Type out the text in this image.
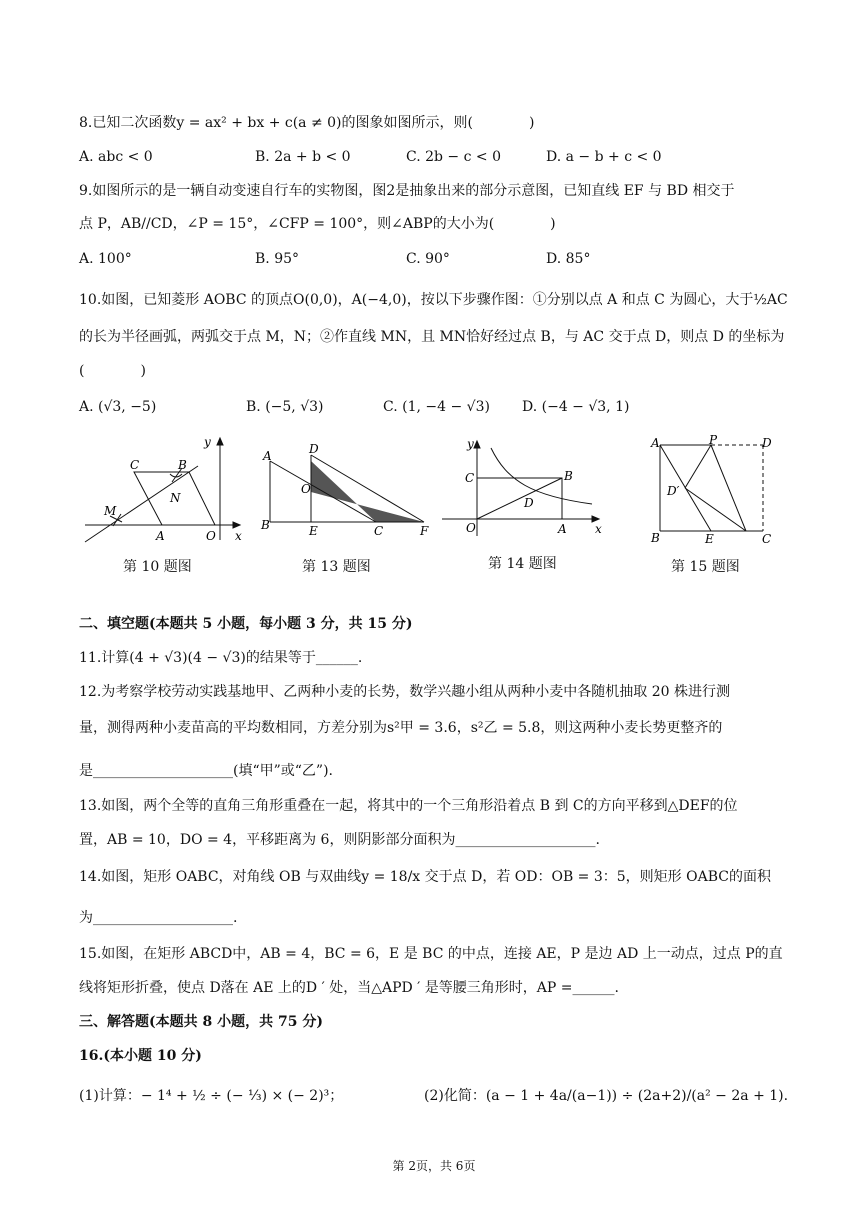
8.已知二次函数y = ax² + bx + c(a ≠ 0)的图象如图所示，则(　　　　)
A. abc < 0	B. 2a + b < 0	C. 2b − c < 0	D. a − b + c < 0
9.如图所示的是一辆自动变速自行车的实物图，图2是抽象出来的部分示意图，已知直线 EF 与 BD 相交于
点 P，AB//CD，∠P = 15°，∠CFP = 100°，则∠ABP的大小为(　　　　)
A. 100°	B. 95°	C. 90°	D. 85°
10.如图，已知菱形 AOBC 的顶点O(0,0)，A(−4,0)，按以下步骤作图：①分别以点 A 和点 C 为圆心，大于½AC
的长为半径画弧，两弧交于点 M，N；②作直线 MN，且 MN恰好经过点 B，与 AC 交于点 D，则点 D 的坐标为
(　　　　)
A. (√3, −5)	B. (−5, √3)	C. (1, −4 − √3) D. (−4 − √3, 1)
C	B
M
N
A	O x
y
A	D
O
B	E	C	F
y
C	B
D
O	A x
A	P	D
D′
B	E	C
第 10 题图	第 13 题图	第 14 题图	第 15 题图
二、填空题(本题共 5 小题，每小题 3 分，共 15 分)
11.计算(4 + √3)(4 − √3)的结果等于______.
12.为考察学校劳动实践基地甲、乙两种小麦的长势，数学兴趣小组从两种小麦中各随机抽取 20 株进行测
量，测得两种小麦苗高的平均数相同，方差分别为s²甲 = 3.6，s²乙 = 5.8，则这两种小麦长势更整齐的
是____________________(填“甲”或“乙”).
13.如图，两个全等的直角三角形重叠在一起，将其中的一个三角形沿着点 B 到 C的方向平移到△DEF的位
置，AB = 10，DO = 4，平移距离为 6，则阴影部分面积为____________________.
14.如图，矩形 OABC，对角线 OB 与双曲线y = 18/x 交于点 D，若 OD：OB = 3：5，则矩形 OABC的面积
为____________________.
15.如图，在矩形 ABCD中，AB = 4，BC = 6，E 是 BC 的中点，连接 AE，P 是边 AD 上一动点，过点 P的直
线将矩形折叠，使点 D落在 AE 上的D ′ 处，当△APD ′ 是等腰三角形时，AP =______.
三、解答题(本题共 8 小题，共 75 分)
16.(本小题 10 分)
(1)计算：− 1⁴ + ½ ÷ (− ⅓) × (− 2)³；	(2)化简：(a − 1 + 4a/(a−1)) ÷ (2a+2)/(a² − 2a + 1).
第 2页，共 6页
